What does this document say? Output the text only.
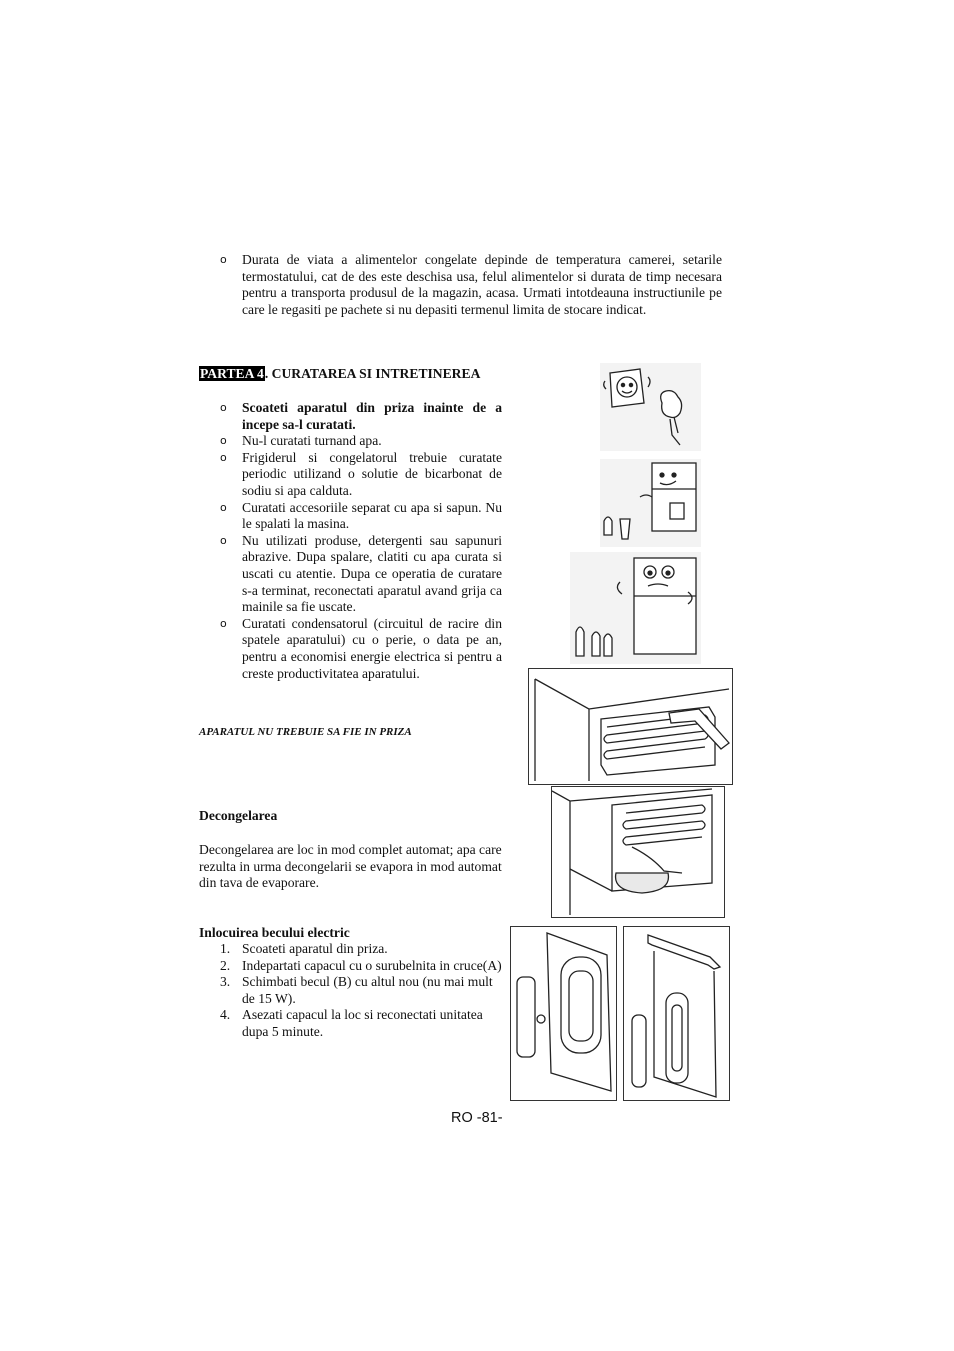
o Durata de viata a alimentelor congelate depinde de temperatura camerei, setarile termostatului, cat de des este deschisa usa, felul alimentelor si durata de timp necesara pentru a transporta produsul de la magazin, acasa. Urmati intotdeauna instructiunile pe care le regasiti pe pachete si nu depasiti termenul limita de stocare indicat.
PARTEA 4. CURATAREA SI INTRETINEREA
o Scoateti aparatul din priza inainte de a incepe sa-l curatati.
o Nu-l curatati turnand apa.
o Frigiderul si congelatorul trebuie curatate periodic utilizand o solutie de bicarbonat de sodiu si apa calduta.
o Curatati accesoriile separat cu apa si sapun. Nu le spalati la masina.
o Nu utilizati produse, detergenti sau sapunuri abrazive. Dupa spalare, clatiti cu apa curata si uscati cu atentie. Dupa ce operatia de curatare s-a terminat, reconectati aparatul avand grija ca mainile sa fie uscate.
o Curatati condensatorul (circuitul de racire din spatele aparatului) cu o perie, o data pe an, pentru a economisi energie electrica si pentru a creste productivitatea aparatului.
APARATUL NU TREBUIE SA FIE IN PRIZA
Decongelarea
Decongelarea are loc in mod complet automat; apa care rezulta in urma decongelarii se evapora in mod automat din tava de evaporare.
Inlocuirea becului electric
1. Scoateti aparatul din priza.
2. Indepartati capacul cu o surubelnita in cruce(A)
3. Schimbati becul (B) cu altul nou (nu mai mult de 15 W).
4. Asezati capacul la loc si reconectati unitatea dupa 5 minute.
RO -81-
